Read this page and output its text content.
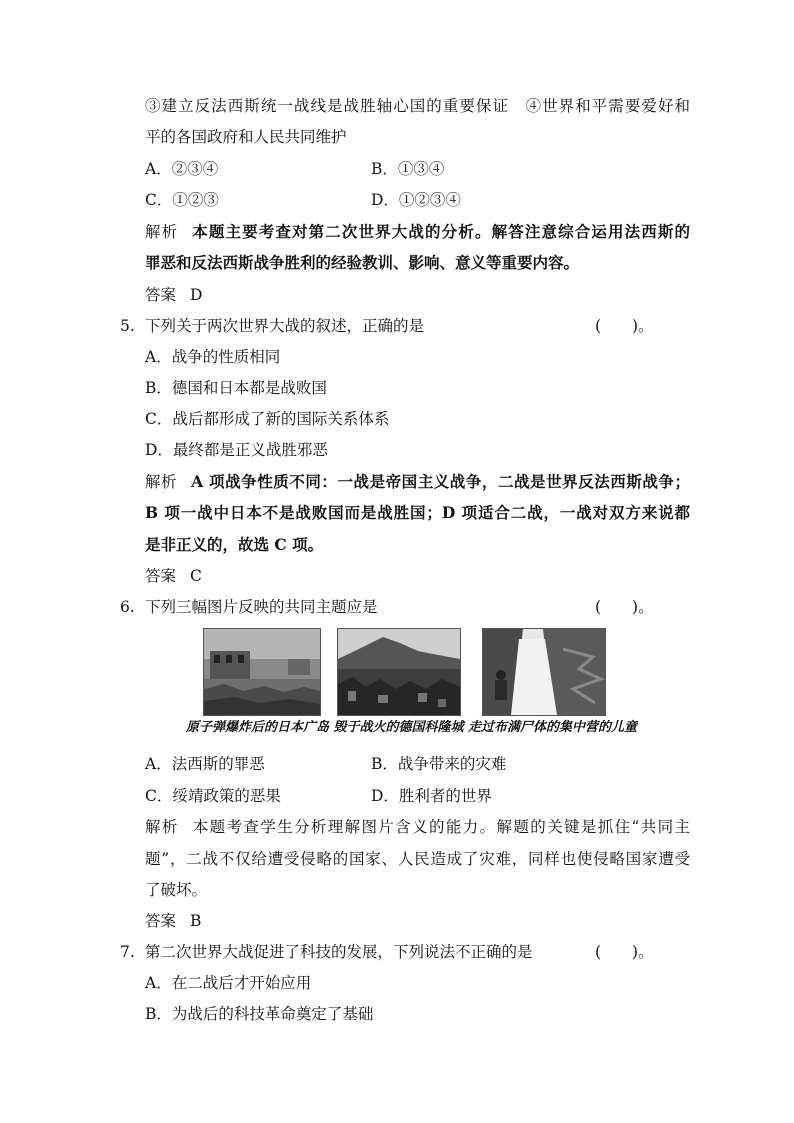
③建立反法西斯统一战线是战胜轴心国的重要保证　④世界和平需要爱好和
平的各国政府和人民共同维护
A．②③④	B．①③④
C．①②③	D．①②③④
解析 本题主要考查对第二次世界大战的分析。解答注意综合运用法西斯的
罪恶和反法西斯战争胜利的经验教训、影响、意义等重要内容。
答案 D
5. 下列关于两次世界大战的叙述，正确的是	(　　)。
A．战争的性质相同
B．德国和日本都是战败国
C．战后都形成了新的国际关系体系
D．最终都是正义战胜邪恶
解析 A 项战争性质不同：一战是帝国主义战争，二战是世界反法西斯战争；
B 项一战中日本不是战败国而是战胜国；D 项适合二战，一战对双方来说都
是非正义的，故选 C 项。
答案 C
6. 下列三幅图片反映的共同主题应是	(　　)。
原子弹爆炸后的日本广岛 毁于战火的德国科隆城 走过布满尸体的集中营的儿童
A．法西斯的罪恶	B．战争带来的灾难
C．绥靖政策的恶果	D．胜利者的世界
解析 本题考查学生分析理解图片含义的能力。解题的关键是抓住“共同主
题”，二战不仅给遭受侵略的国家、人民造成了灾难，同样也使侵略国家遭受
了破坏。
答案 B
7. 第二次世界大战促进了科技的发展，下列说法不正确的是	(　　)。
A．在二战后才开始应用
B．为战后的科技革命奠定了基础
